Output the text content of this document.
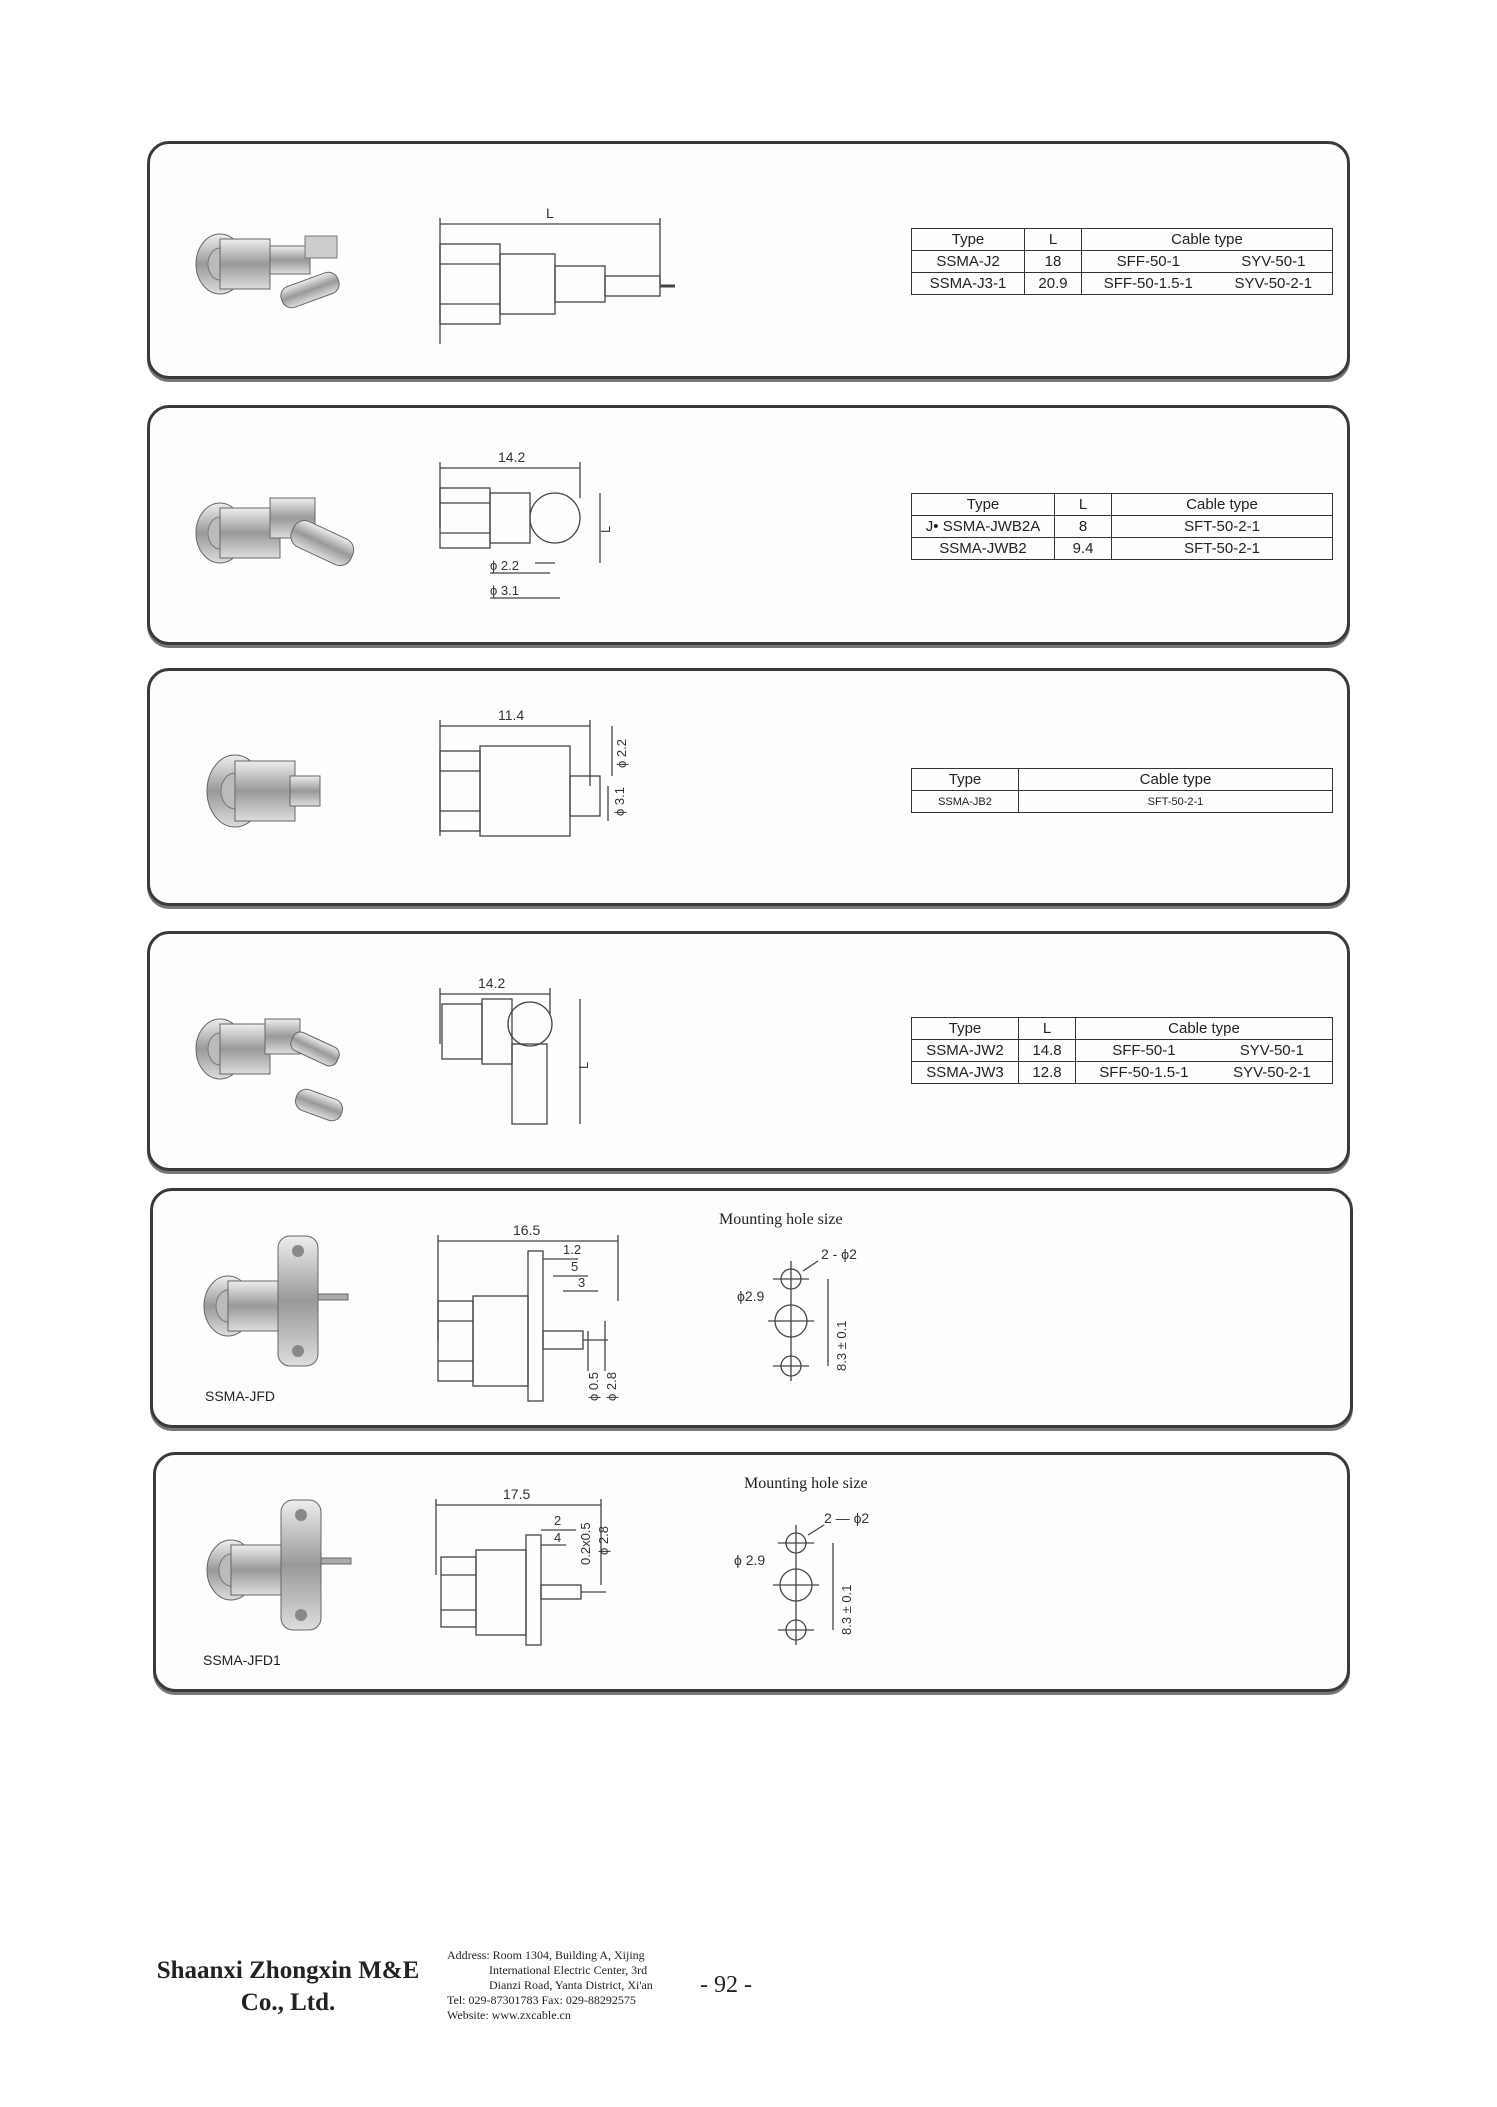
L
Type	L	Cable type	
SSMA-J2	18	SFF-50-1	SYV-50-1
SSMA-J3-1	20.9	SFF-50-1.5-1	SYV-50-2-1
14.2
L
ϕ 2.2
ϕ 3.1
Type	L	Cable type
J• SSMA-JWB2A	8	SFT-50-2-1
SSMA-JWB2	9.4	SFT-50-2-1
11.4
ϕ 2.2
ϕ 3.1
Type	Cable type
SSMA-JB2	SFT-50-2-1
14.2
L
Type	L	Cable type	
SSMA-JW2	14.8	SFF-50-1	SYV-50-1
SSMA-JW3	12.8	SFF-50-1.5-1	SYV-50-2-1
SSMA-JFD
16.5
1.2
5
3
ϕ 0.5 ϕ 2.8
Mounting hole size
2 - ϕ2
ϕ2.9
8.3 ± 0.1
SSMA-JFD1
17.5
2
4 0.2x0.5 ϕ 2.8
Mounting hole size
2 — ϕ2
ϕ 2.9
8.3 ± 0.1
Shaanxi Zhongxin M&E
Co., Ltd.
Address: Room 1304, Building A, Xijing
International Electric Center, 3rd
Dianzi Road, Yanta District, Xi'an
Tel: 029-87301783 Fax: 029-88292575
Website: www.zxcable.cn
- 92 -
